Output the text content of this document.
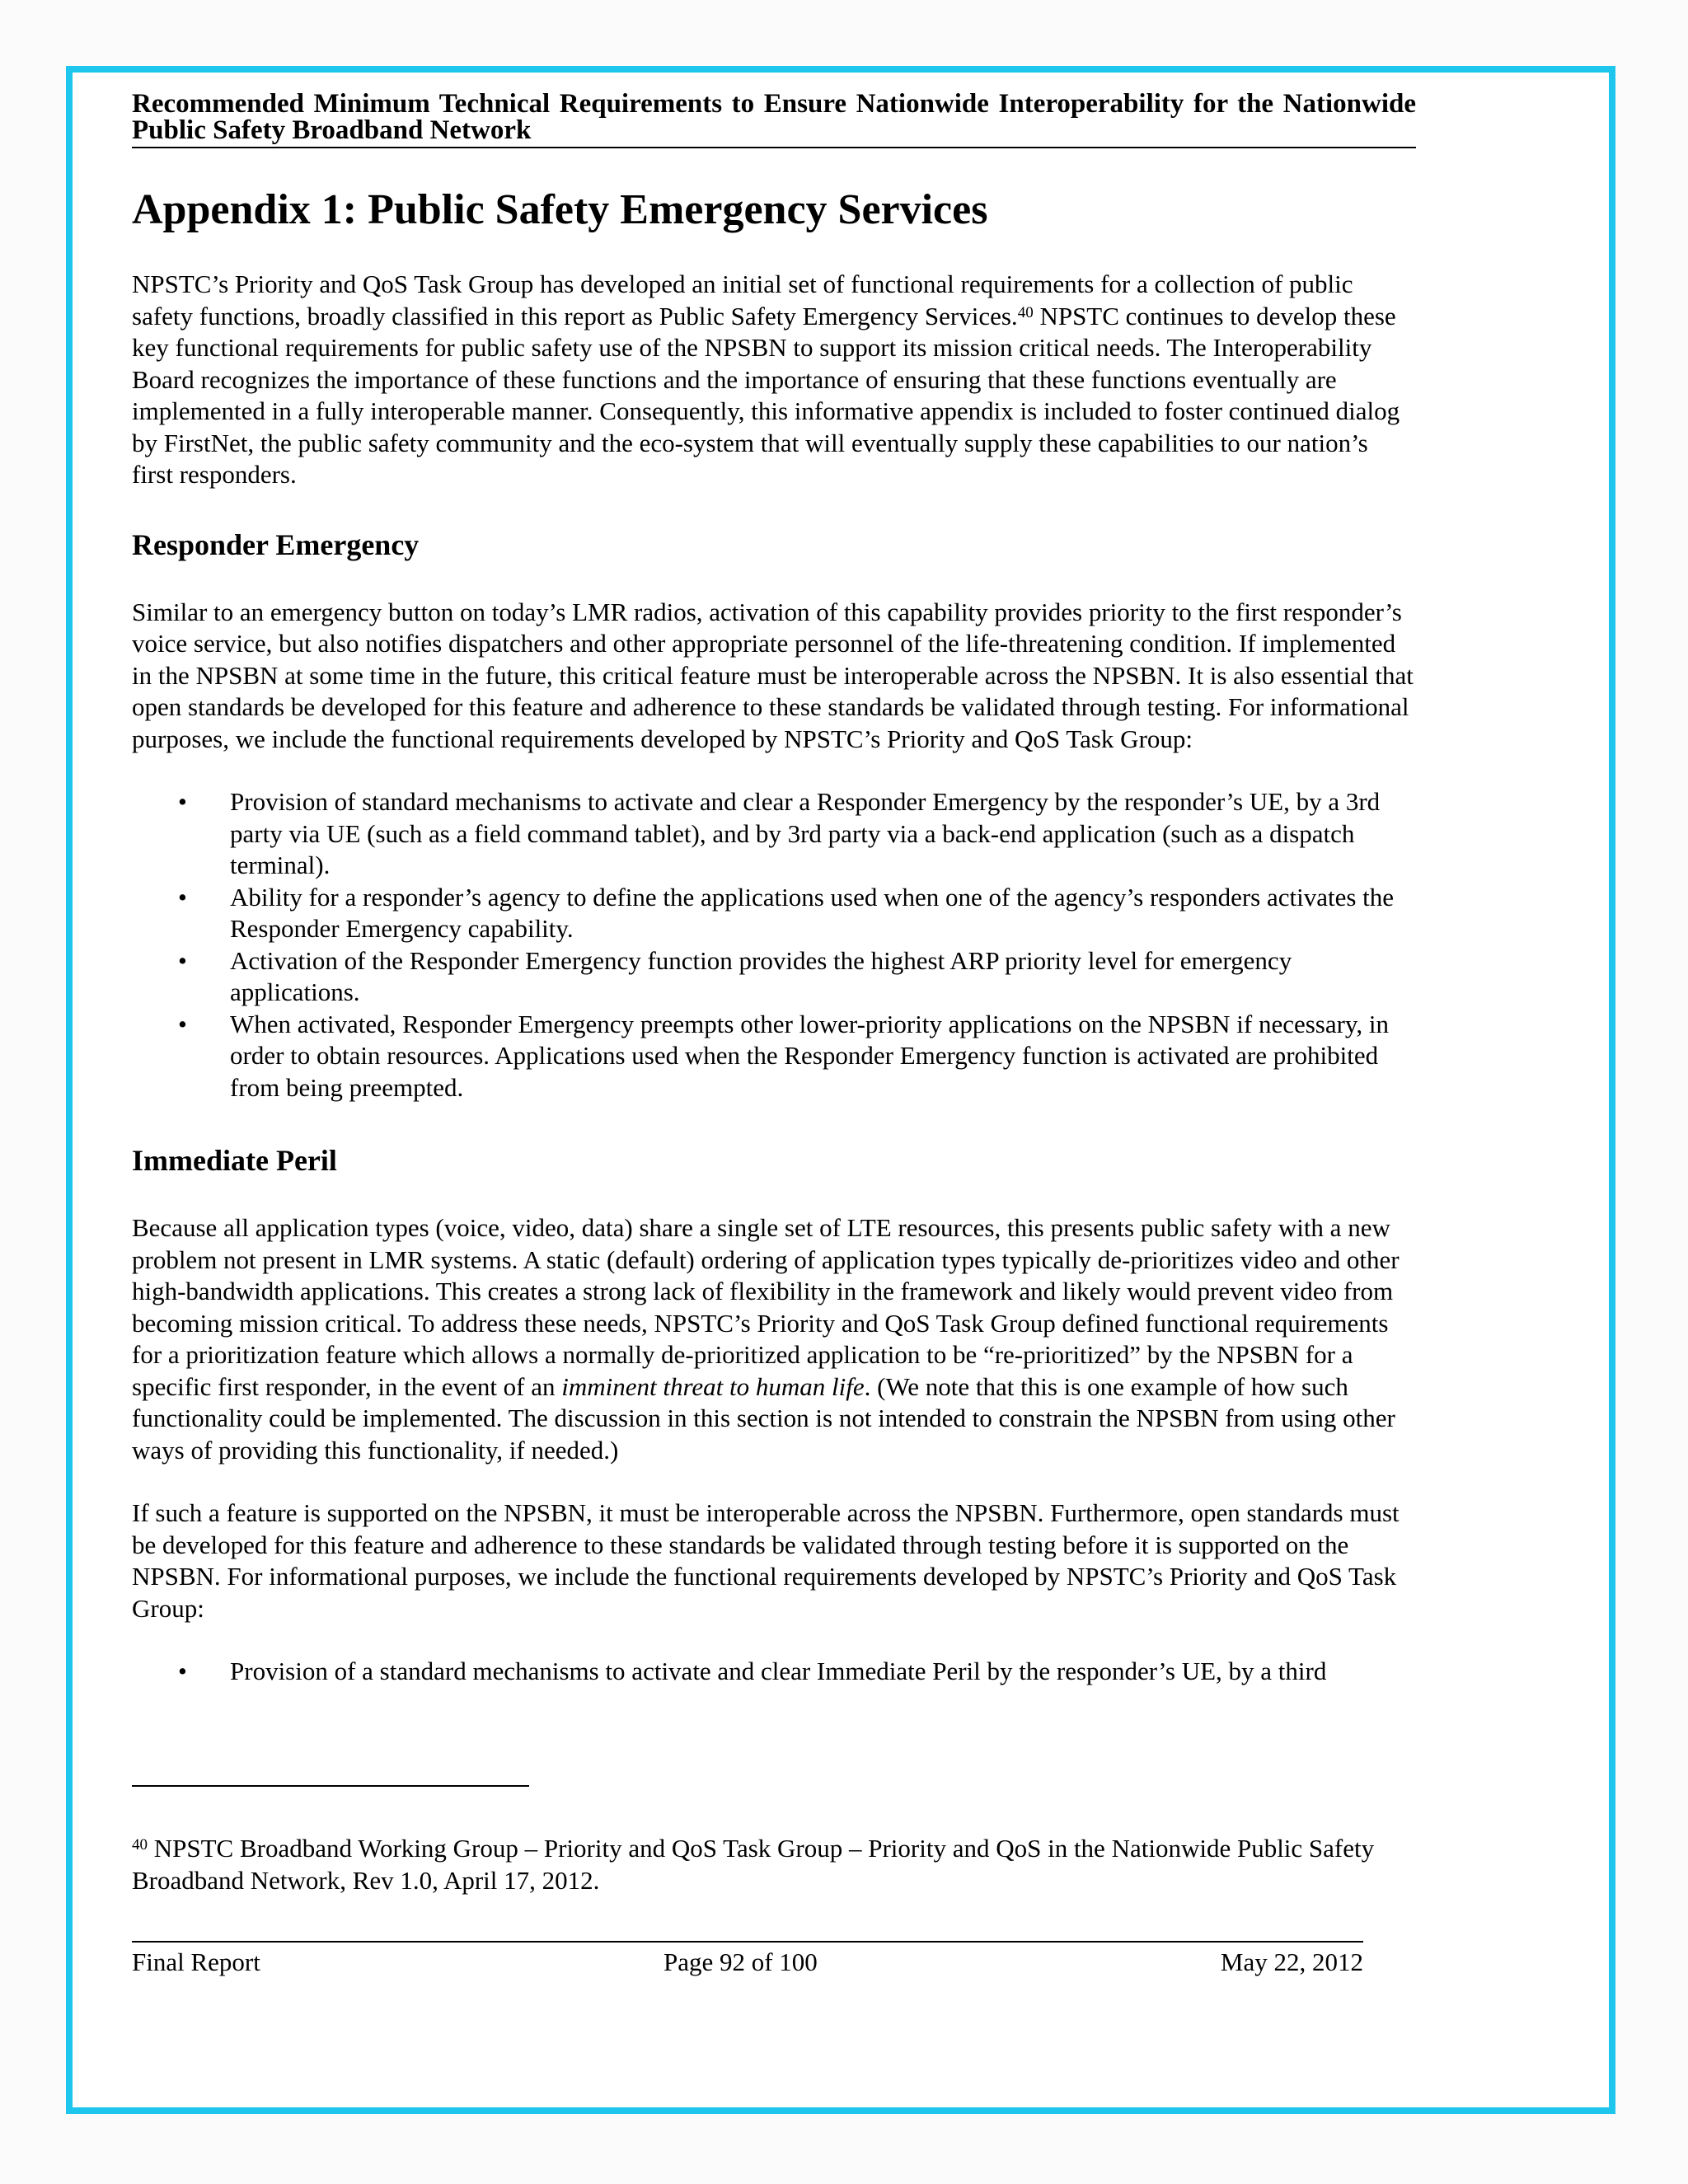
Recommended Minimum Technical Requirements to Ensure Nationwide Interoperability for the Nationwide Public Safety Broadband Network
Appendix 1: Public Safety Emergency Services

NPSTC’s Priority and QoS Task Group has developed an initial set of functional requirements for a collection of public safety functions, broadly classified in this report as Public Safety Emergency Services.$^{40}$ NPSTC continues to develop these key functional requirements for public safety use of the NPSBN to support its mission critical needs. The Interoperability Board recognizes the importance of these functions and the importance of ensuring that these functions eventually are implemented in a fully interoperable manner. Consequently, this informative appendix is included to foster continued dialog by FirstNet, the public safety community and the eco-system that will eventually supply these capabilities to our nation’s first responders.

Responder Emergency

Similar to an emergency button on today’s LMR radios, activation of this capability provides priority to the first responder’s voice service, but also notifies dispatchers and other appropriate personnel of the life-threatening condition. If implemented in the NPSBN at some time in the future, this critical feature must be interoperable across the NPSBN. It is also essential that open standards be developed for this feature and adherence to these standards be validated through testing. For informational purposes, we include the functional requirements developed by NPSTC’s Priority and QoS Task Group:

• Provision of standard mechanisms to activate and clear a Responder Emergency by the responder’s UE, by a 3rd party via UE (such as a field command tablet), and by 3rd party via a back-end application (such as a dispatch terminal).
• Ability for a responder’s agency to define the applications used when one of the agency’s responders activates the Responder Emergency capability.
• Activation of the Responder Emergency function provides the highest ARP priority level for emergency applications.
• When activated, Responder Emergency preempts other lower-priority applications on the NPSBN if necessary, in order to obtain resources. Applications used when the Responder Emergency function is activated are prohibited from being preempted.
Immediate Peril

Because all application types (voice, video, data) share a single set of LTE resources, this presents public safety with a new problem not present in LMR systems. A static (default) ordering of application types typically de-prioritizes video and other high-bandwidth applications. This creates a strong lack of flexibility in the framework and likely would prevent video from becoming mission critical. To address these needs, NPSTC’s Priority and QoS Task Group defined functional requirements for a prioritization feature which allows a normally de-prioritized application to be “re-prioritized” by the NPSBN for a specific first responder, in the event of an imminent threat to human life. (We note that this is one example of how such functionality could be implemented. The discussion in this section is not intended to constrain the NPSBN from using other ways of providing this functionality, if needed.)

If such a feature is supported on the NPSBN, it must be interoperable across the NPSBN. Furthermore, open standards must be developed for this feature and adherence to these standards be validated through testing before it is supported on the NPSBN. For informational purposes, we include the functional requirements developed by NPSTC’s Priority and QoS Task Group:

• Provision of a standard mechanisms to activate and clear Immediate Peril by the responder’s UE, by a third
$^{40}$ NPSTC Broadband Working Group – Priority and QoS Task Group – Priority and QoS in the Nationwide Public Safety Broadband Network, Rev 1.0, April 17, 2012.
Final Report	Page 92 of 100	May 22, 2012
